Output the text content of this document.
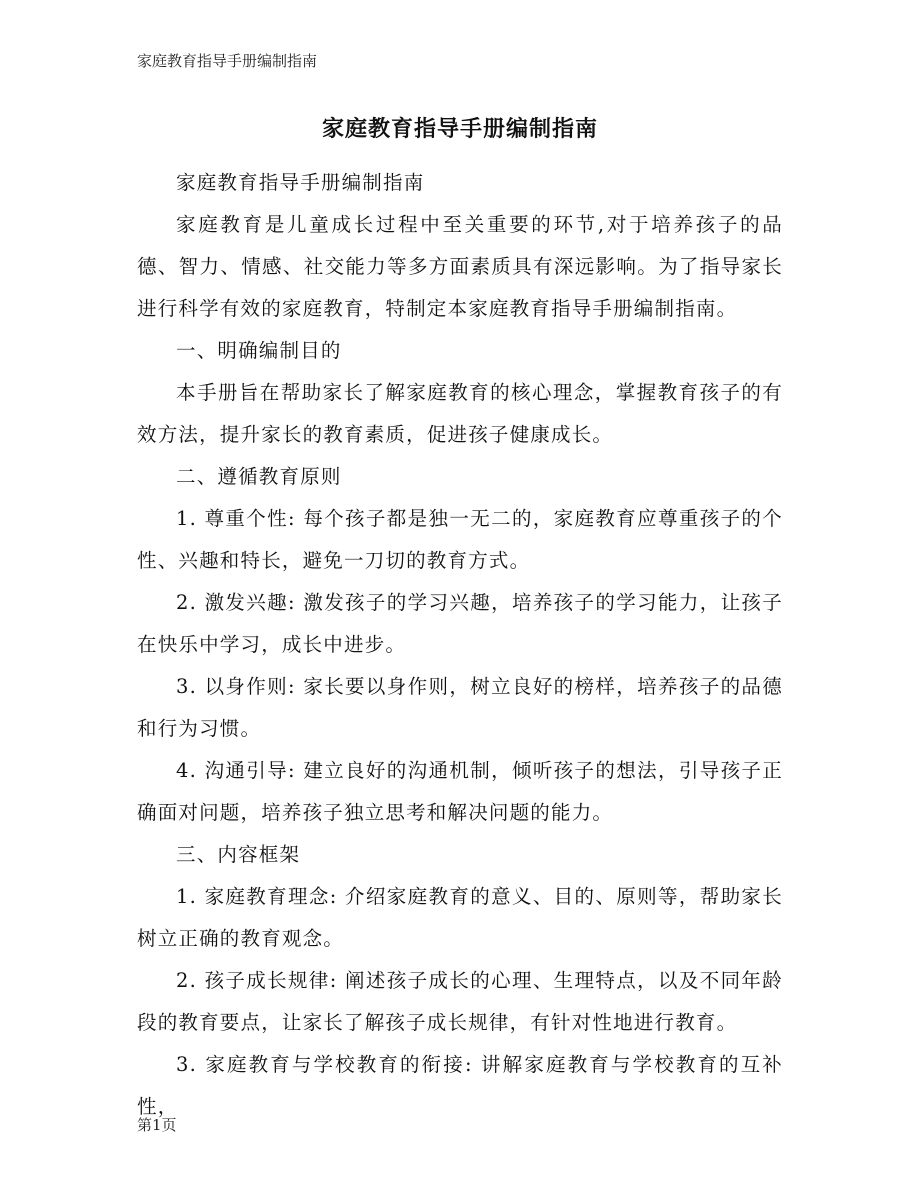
家庭教育指导手册编制指南
家庭教育指导手册编制指南

家庭教育指导手册编制指南

家庭教育是儿童成长过程中至关重要的环节,对于培养孩子的品德、智力、情感、社交能力等多方面素质具有深远影响。为了指导家长进行科学有效的家庭教育，特制定本家庭教育指导手册编制指南。

一、明确编制目的

本手册旨在帮助家长了解家庭教育的核心理念，掌握教育孩子的有效方法，提升家长的教育素质，促进孩子健康成长。

二、遵循教育原则

1. 尊重个性: 每个孩子都是独一无二的，家庭教育应尊重孩子的个性、兴趣和特长，避免一刀切的教育方式。

2. 激发兴趣: 激发孩子的学习兴趣，培养孩子的学习能力，让孩子在快乐中学习，成长中进步。

3. 以身作则: 家长要以身作则，树立良好的榜样，培养孩子的品德和行为习惯。

4. 沟通引导: 建立良好的沟通机制，倾听孩子的想法，引导孩子正确面对问题，培养孩子独立思考和解决问题的能力。

三、内容框架

1. 家庭教育理念: 介绍家庭教育的意义、目的、原则等，帮助家长树立正确的教育观念。

2. 孩子成长规律: 阐述孩子成长的心理、生理特点，以及不同年龄段的教育要点，让家长了解孩子成长规律，有针对性地进行教育。

3. 家庭教育与学校教育的衔接: 讲解家庭教育与学校教育的互补性，

第1页
